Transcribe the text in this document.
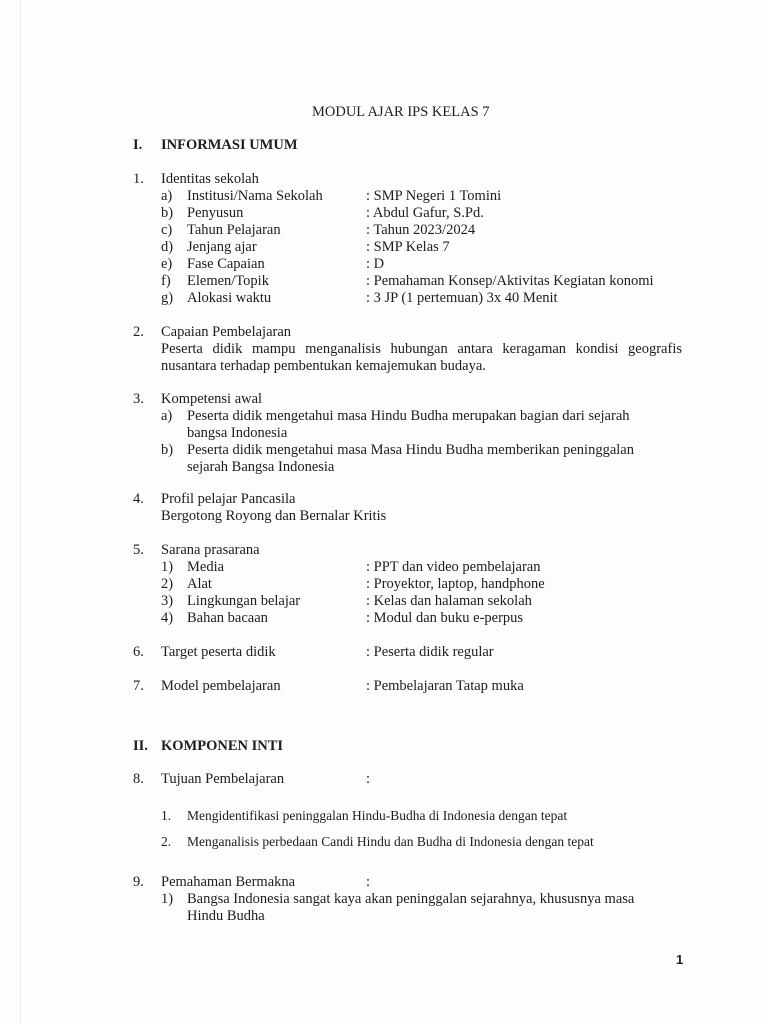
MODUL AJAR IPS KELAS 7
I. INFORMASI UMUM
1. Identitas sekolah
a) Institusi/Nama Sekolah	: SMP Negeri 1 Tomini
b) Penyusun	: Abdul Gafur, S.Pd.
c) Tahun Pelajaran	: Tahun 2023/2024
d) Jenjang ajar	: SMP Kelas 7
e) Fase Capaian	: D
f) Elemen/Topik	: Pemahaman Konsep/Aktivitas Kegiatan konomi
g) Alokasi waktu	: 3 JP (1 pertemuan) 3x 40 Menit
2. Capaian Pembelajaran
Peserta didik mampu menganalisis hubungan antara keragaman kondisi geografis
nusantara terhadap pembentukan kemajemukan budaya.
3. Kompetensi awal
a) Peserta didik mengetahui masa Hindu Budha merupakan bagian dari sejarah
bangsa Indonesia
b) Peserta didik mengetahui masa Masa Hindu Budha memberikan peninggalan
sejarah Bangsa Indonesia
4. Profil pelajar Pancasila
Bergotong Royong dan Bernalar Kritis
5. Sarana prasarana
1) Media	: PPT dan video pembelajaran
2) Alat	: Proyektor, laptop, handphone
3) Lingkungan belajar	: Kelas dan halaman sekolah
4) Bahan bacaan	: Modul dan buku e-perpus
6. Target peserta didik	: Peserta didik regular
7. Model pembelajaran	: Pembelajaran Tatap muka
II. KOMPONEN INTI
8. Tujuan Pembelajaran	:
1. Mengidentifikasi peninggalan Hindu-Budha di Indonesia dengan tepat
2. Menganalisis perbedaan Candi Hindu dan Budha di Indonesia dengan tepat
9. Pemahaman Bermakna	:
1) Bangsa Indonesia sangat kaya akan peninggalan sejarahnya, khususnya masa
Hindu Budha
1
